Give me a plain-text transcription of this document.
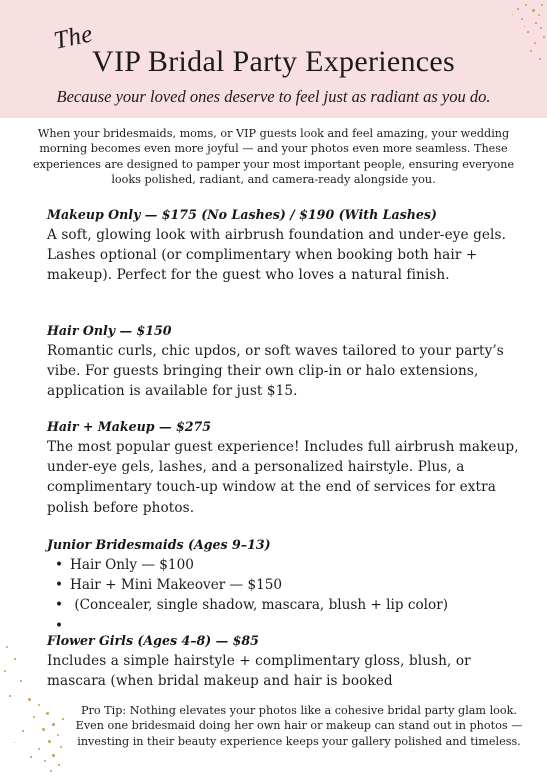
The
VIP Bridal Party Experiences
Because your loved ones deserve to feel just as radiant as you do.
When your bridesmaids, moms, or VIP guests look and feel amazing, your wedding morning becomes even more joyful — and your photos even more seamless. These experiences are designed to pamper your most important people, ensuring everyone looks polished, radiant, and camera-ready alongside you.
Makeup Only — $175 (No Lashes) / $190 (With Lashes)
A soft, glowing look with airbrush foundation and under-eye gels. Lashes optional (or complimentary when booking both hair + makeup). Perfect for the guest who loves a natural finish.
Hair Only — $150
Romantic curls, chic updos, or soft waves tailored to your party’s vibe. For guests bringing their own clip-in or halo extensions, application is available for just $15.
Hair + Makeup — $275
The most popular guest experience! Includes full airbrush makeup, under-eye gels, lashes, and a personalized hairstyle. Plus, a complimentary touch-up window at the end of services for extra polish before photos.
Junior Bridesmaids (Ages 9–13)
• Hair Only — $100
• Hair + Mini Makeover — $150
• (Concealer, single shadow, mascara, blush + lip color)
•
Flower Girls (Ages 4–8) — $85
Includes a simple hairstyle + complimentary gloss, blush, or mascara (when bridal makeup and hair is booked
Pro Tip: Nothing elevates your photos like a cohesive bridal party glam look. Even one bridesmaid doing her own hair or makeup can stand out in photos — investing in their beauty experience keeps your gallery polished and timeless.
